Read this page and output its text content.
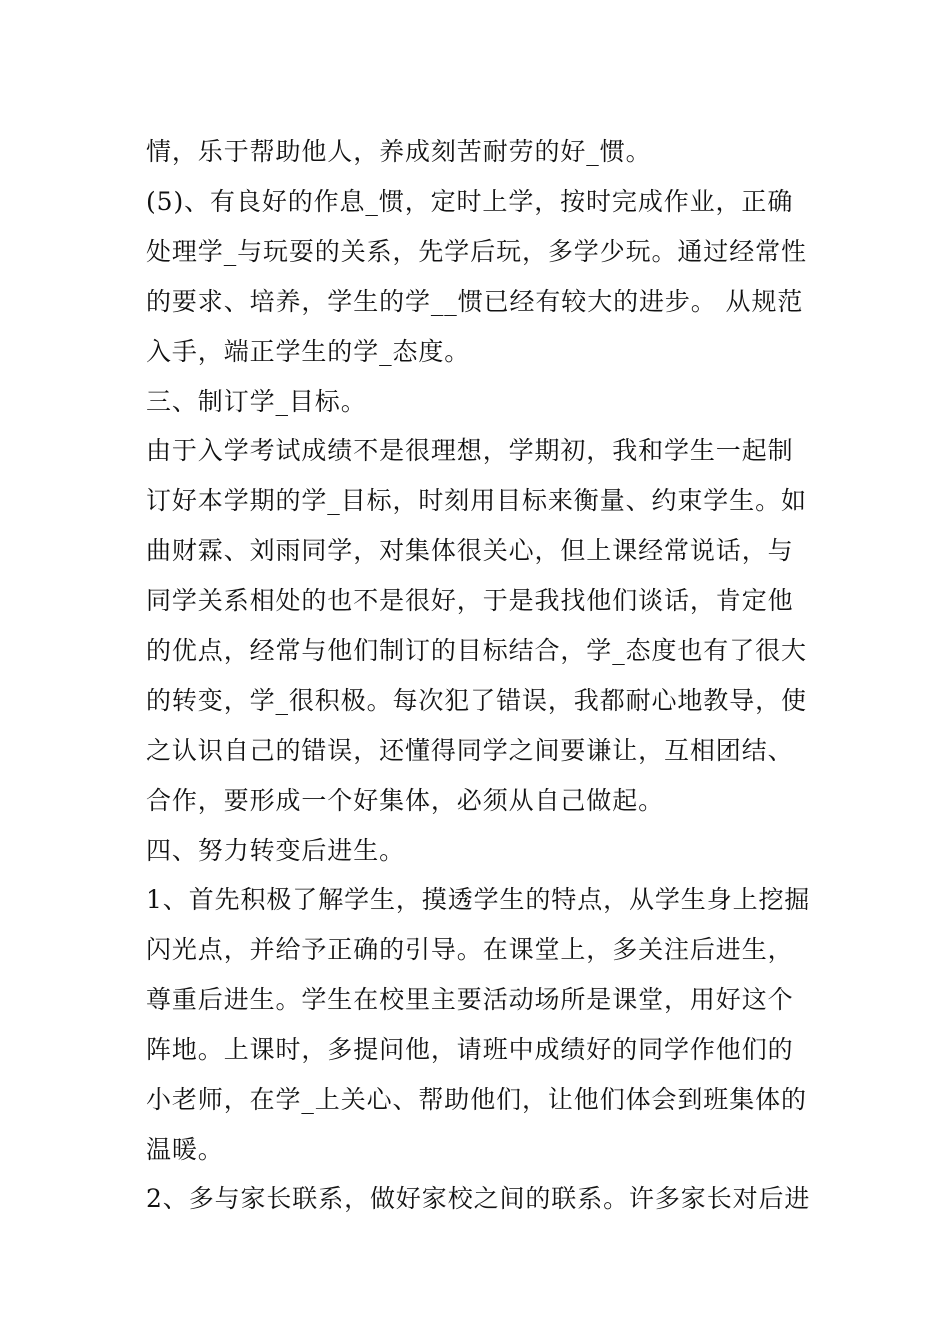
情，乐于帮助他人，养成刻苦耐劳的好_惯。
(5)、有良好的作息_惯，定时上学，按时完成作业，正确
处理学_与玩耍的关系，先学后玩，多学少玩。通过经常性
的要求、培养，学生的学__惯已经有较大的进步。 从规范
入手，端正学生的学_态度。
三、制订学_目标。
由于入学考试成绩不是很理想，学期初，我和学生一起制
订好本学期的学_目标，时刻用目标来衡量、约束学生。如
曲财霖、刘雨同学，对集体很关心，但上课经常说话，与
同学关系相处的也不是很好，于是我找他们谈话，肯定他
的优点，经常与他们制订的目标结合，学_态度也有了很大
的转变，学_很积极。每次犯了错误，我都耐心地教导，使
之认识自己的错误，还懂得同学之间要谦让，互相团结、
合作，要形成一个好集体，必须从自己做起。
四、努力转变后进生。
1、首先积极了解学生，摸透学生的特点，从学生身上挖掘
闪光点，并给予正确的引导。在课堂上，多关注后进生，
尊重后进生。学生在校里主要活动场所是课堂，用好这个
阵地。上课时，多提问他，请班中成绩好的同学作他们的
小老师，在学_上关心、帮助他们，让他们体会到班集体的
温暖。
2、多与家长联系，做好家校之间的联系。许多家长对后进
